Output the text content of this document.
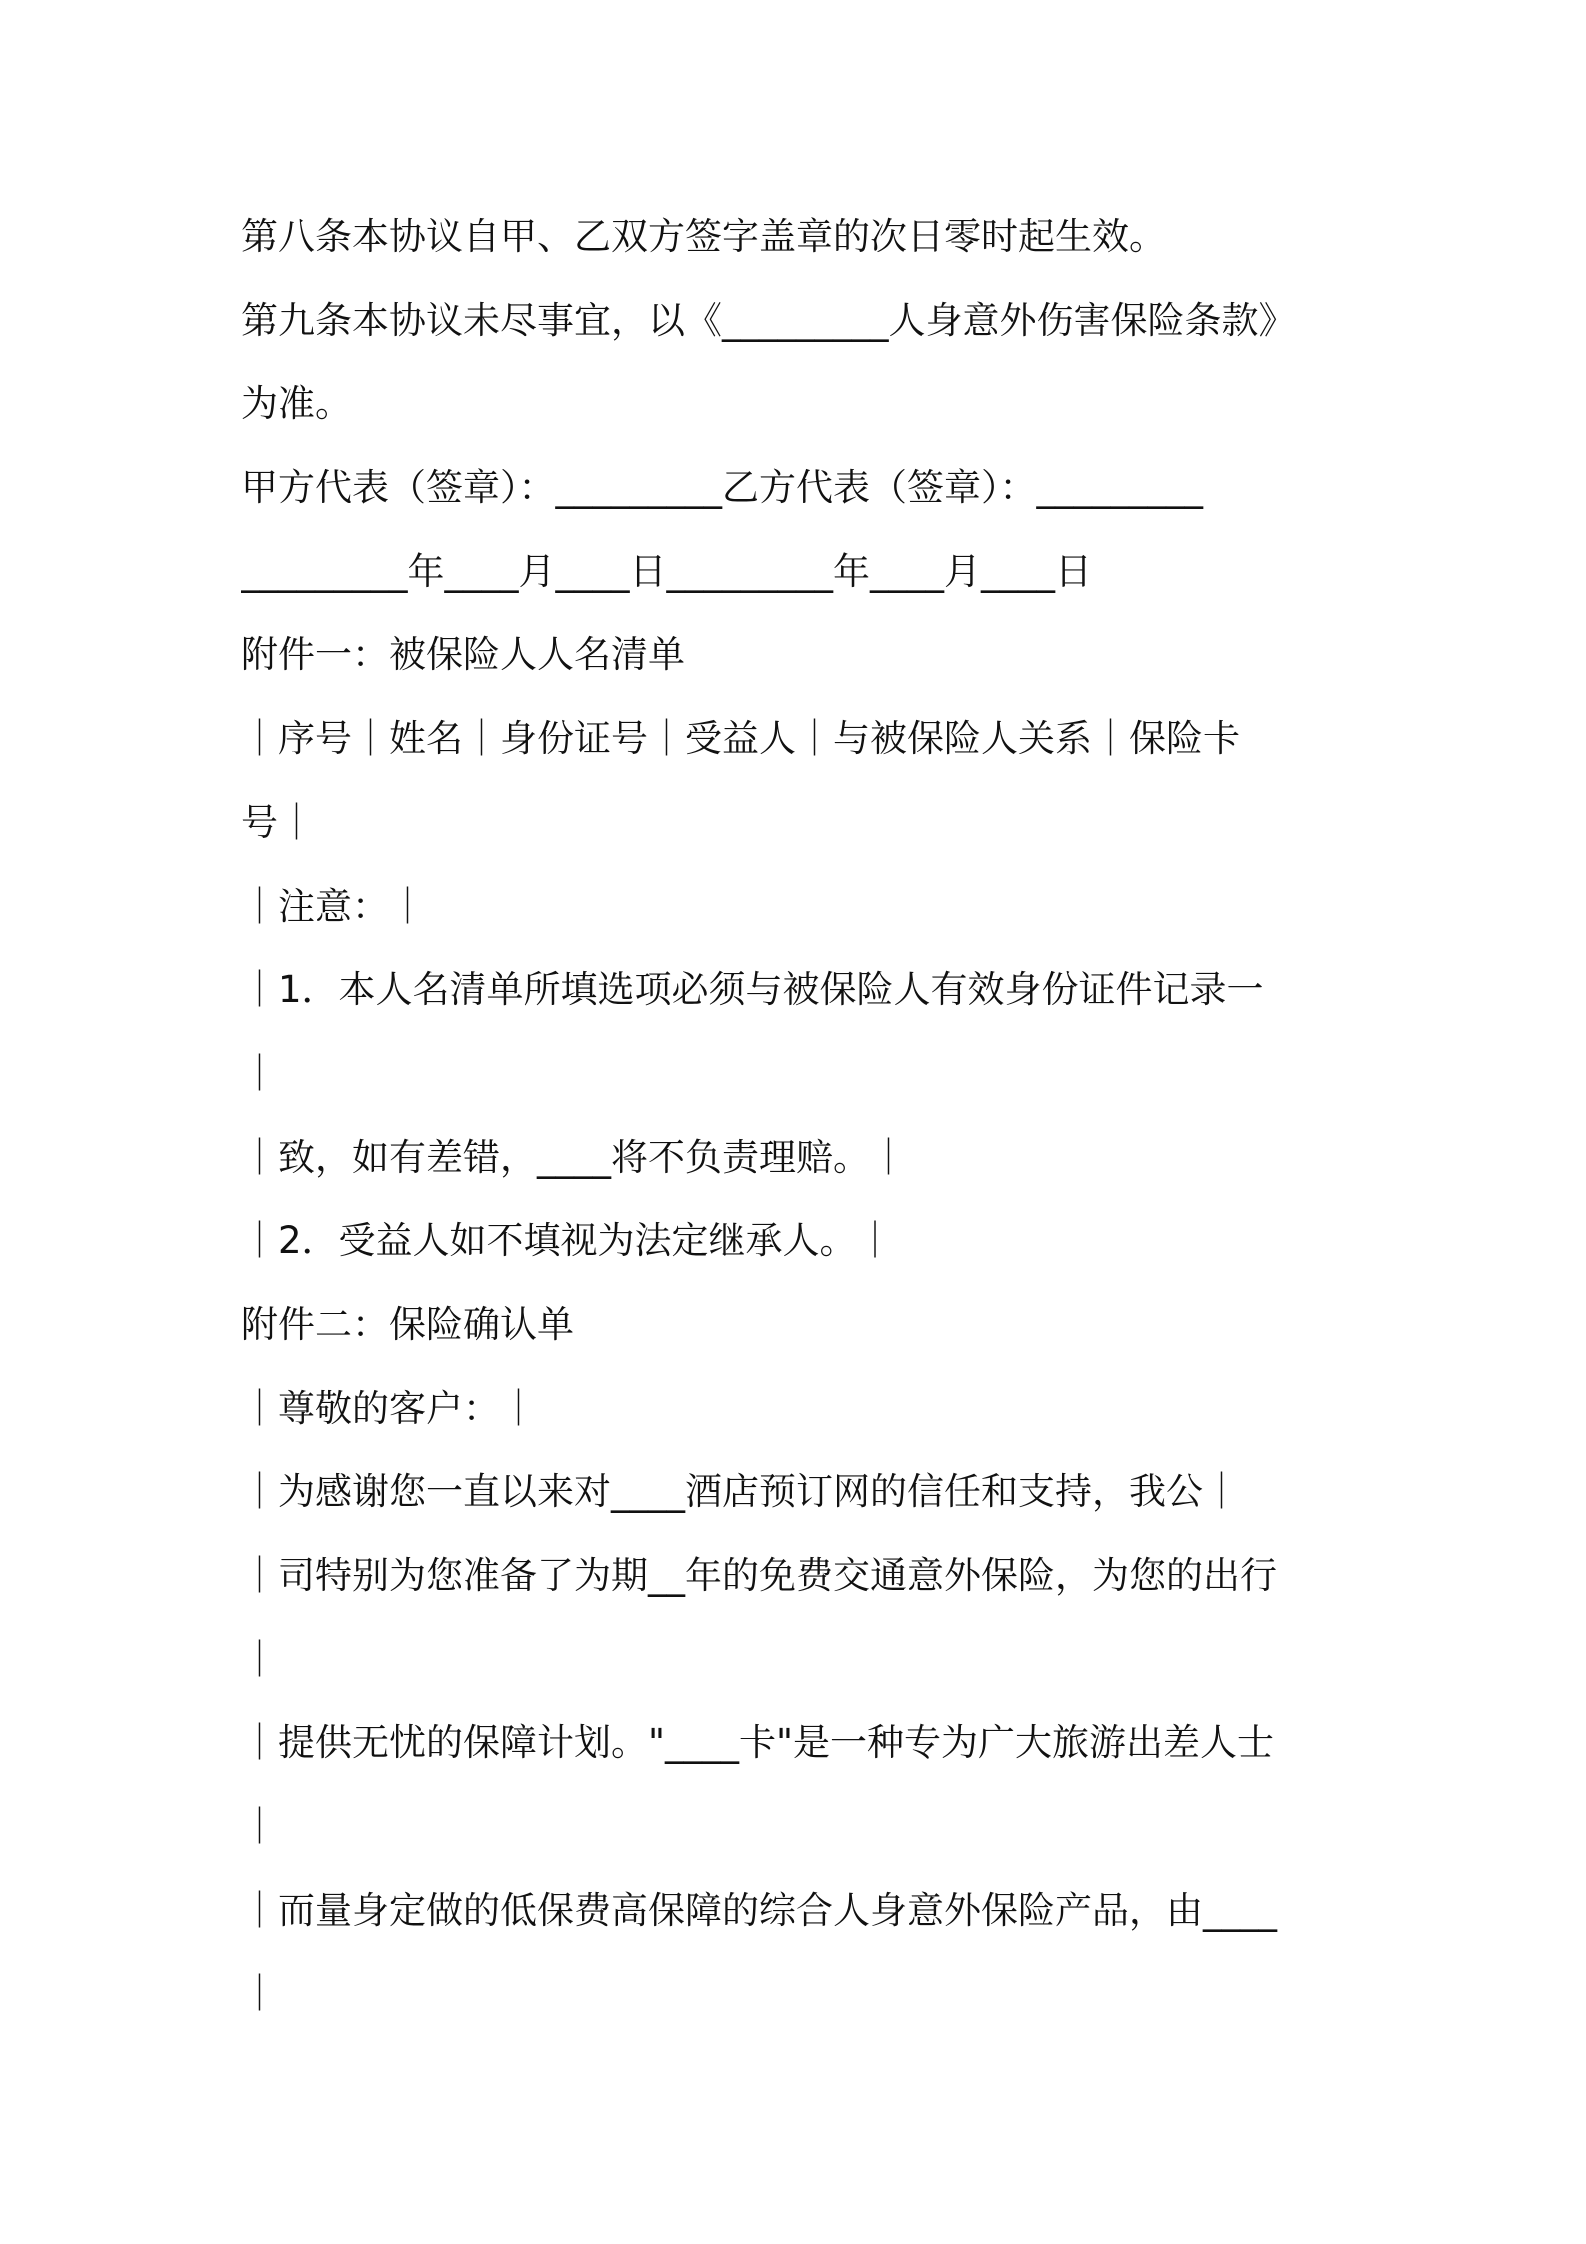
第八条本协议自甲、乙双方签字盖章的次日零时起生效。
第九条本协议未尽事宜，以《_________人身意外伤害保险条款》
为准。
甲方代表（签章）：_________乙方代表（签章）：_________
_________年____月____日_________年____月____日
附件一：被保险人人名清单
｜序号｜姓名｜身份证号｜受益人｜与被保险人关系｜保险卡
号｜
｜注意：｜
｜1．本人名清单所填选项必须与被保险人有效身份证件记录一
｜
｜致，如有差错，____将不负责理赔。｜
｜2．受益人如不填视为法定继承人。｜
附件二：保险确认单
｜尊敬的客户：｜
｜为感谢您一直以来对____酒店预订网的信任和支持，我公｜
｜司特别为您准备了为期__年的免费交通意外保险，为您的出行
｜
｜提供无忧的保障计划。"____卡"是一种专为广大旅游出差人士
｜
｜而量身定做的低保费高保障的综合人身意外保险产品，由____
｜
